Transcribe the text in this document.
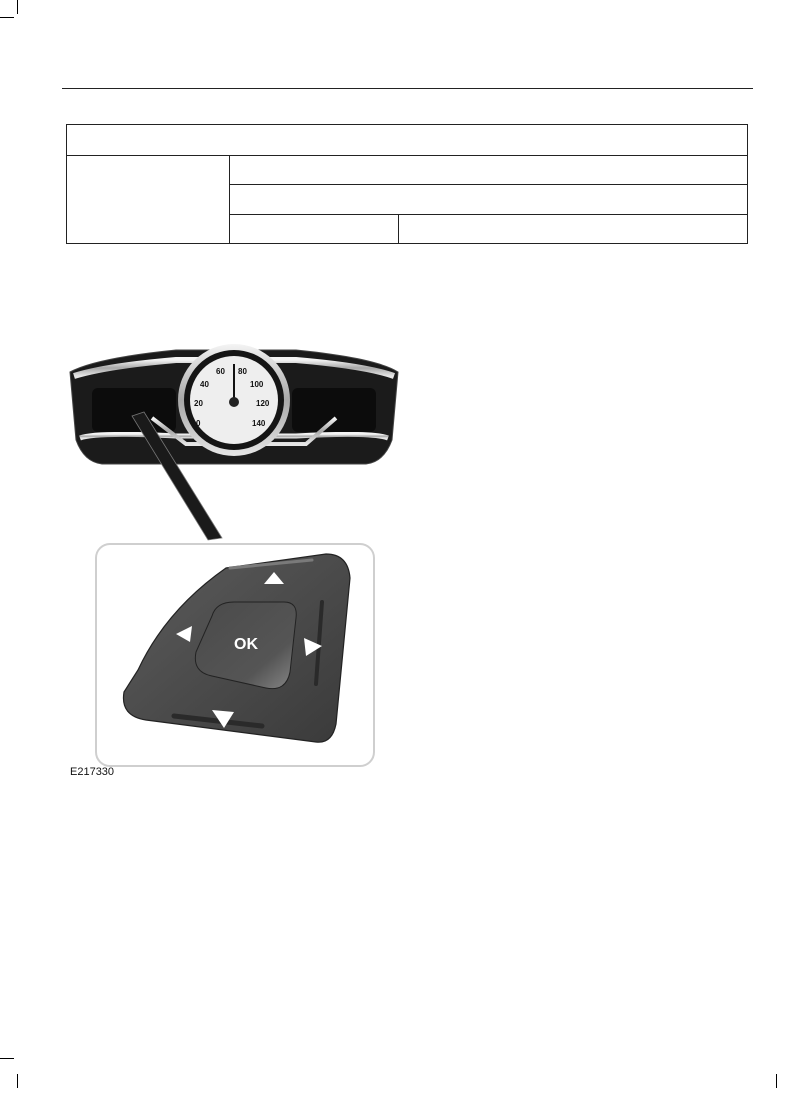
0
20
40
60 80
100
120
140
OK
E217330
